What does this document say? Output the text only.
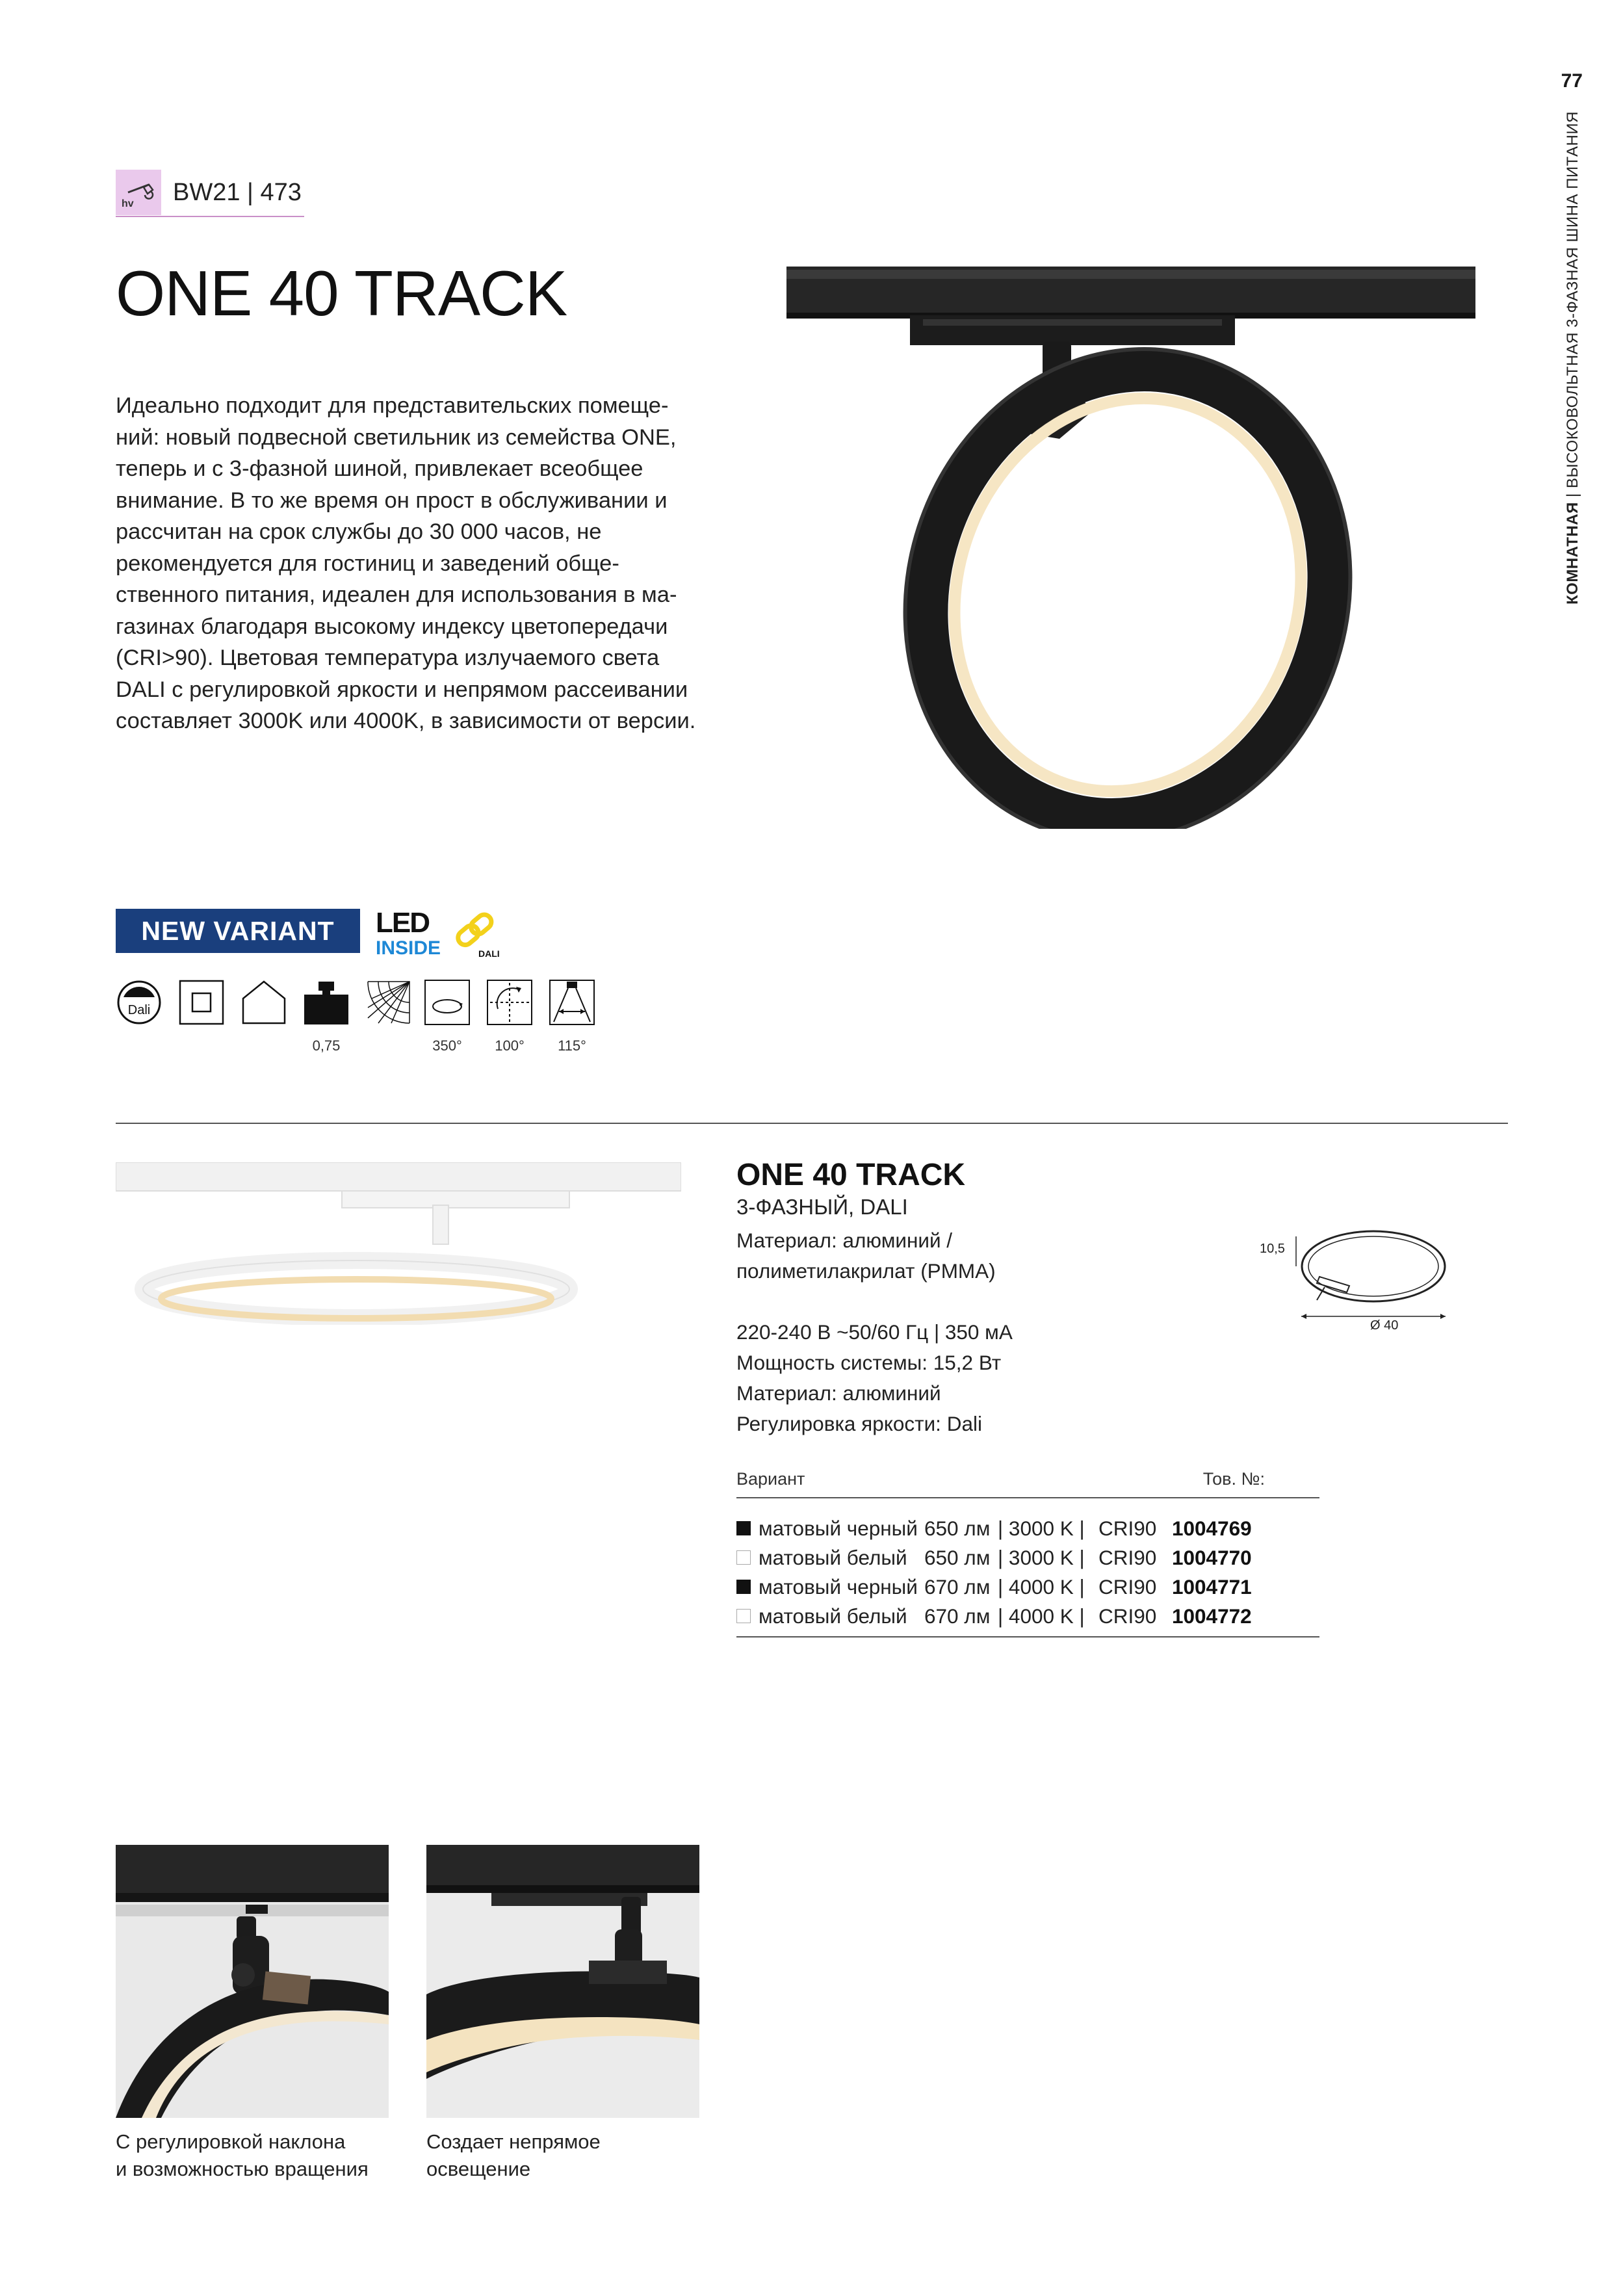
77
КОМНАТНАЯ | ВЫСОКОВОЛЬТНАЯ 3-ФАЗНАЯ ШИНА ПИТАНИЯ
hv BW21 | 473
ONE 40 TRACK

Идеально подходит для представительских помещений: новый подвесной светильник из семейства ONE, теперь и с 3-фазной шиной, привлекает всеобщее внимание. В то же время он прост в обслуживании и рассчитан на срок службы до 30 000 часов, не рекомендуется для гостиниц и заведений общественного питания, идеален для использования в магазинах благодаря высокому индексу цветопередачи (CRI>90). Цветовая температура излучаемого света DALI с регулировкой яркости и непрямом рассеивании составляет 3000K или 4000K, в зависимости от версии.

NEW VARIANT	LED
INSIDE	DALI
Dali
0,75	350°	100°	115°
ONE 40 TRACK
3-ФАЗНЫЙ, DALI
Материал: алюминий /
полиметилакрилат (PMMA)
220-240 В ~50/60 Гц | 350 мА
Мощность системы: 15,2 Вт
Материал: алюминий
Регулировка яркости: Dali
10,5
Ø 40
Вариант	Тов. №:
матовый черный 650 лм | 3000 K | CRI90 1004769
матовый белый 650 лм | 3000 K | CRI90 1004770
матовый черный 670 лм | 4000 K | CRI90 1004771
матовый белый 670 лм | 4000 K | CRI90 1004772
С регулировкой наклона
и возможностью вращения
Создает непрямое
освещение
